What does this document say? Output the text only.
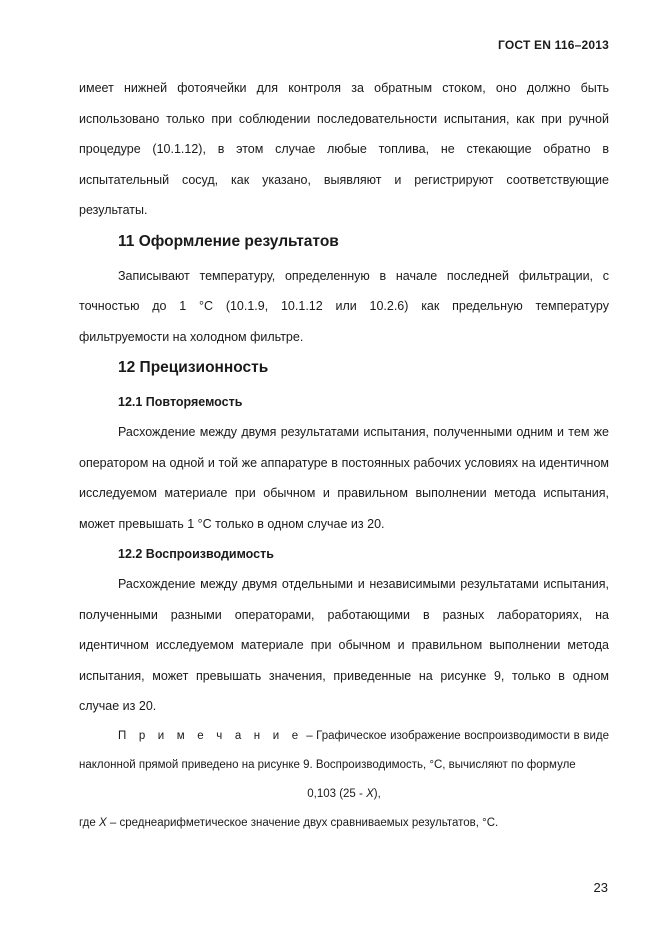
ГОСТ EN 116–2013

имеет нижней фотоячейки для контроля за обратным стоком, оно должно быть использовано только при соблюдении последовательности испытания, как при ручной процедуре (10.1.12), в этом случае любые топлива, не стекающие обратно в испытательный сосуд, как указано, выявляют и регистрируют соответствующие результаты.

11 Оформление результатов

Записывают температуру, определенную в начале последней фильтрации, с точностью до 1 °С (10.1.9, 10.1.12 или 10.2.6) как предельную температуру фильтруемости на холодном фильтре.

12 Прецизионность
12.1 Повторяемость

Расхождение между двумя результатами испытания, полученными одним и тем же оператором на одной и той же аппаратуре в постоянных рабочих условиях на идентичном исследуемом материале при обычном и правильном выполнении метода испытания, может превышать 1 °С только в одном случае из 20.

12.2 Воспроизводимость

Расхождение между двумя отдельными и независимыми результатами испытания, полученными разными операторами, работающими в разных лабораториях, на идентичном исследуемом материале при обычном и правильном выполнении метода испытания, может превышать значения, приведенные на рисунке 9, только в одном случае из 20.

П р и м е ч а н и е – Графическое изображение воспроизводимости в виде наклонной прямой приведено на рисунке 9. Воспроизводимость, °С, вычисляют по формуле

0,103 (25 - X),

где X – среднеарифметическое значение двух сравниваемых результатов, °С.

23
